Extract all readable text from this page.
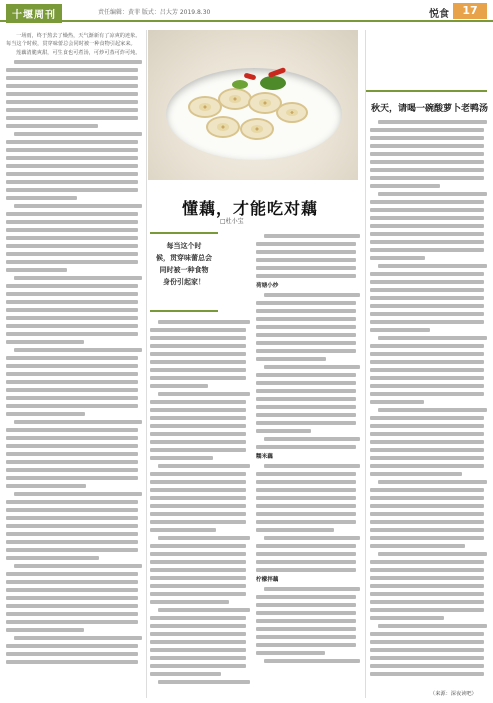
十堰周刊	责任编辑：黄菲 版式：吕大芳 2019.8.30	悦食	17
一场雨，终于熬去了燥热，天气渐新有了凉爽的迹象。每当这个时候，贯穿味蕾总会同时被一种食物引起家来。
莲藕清脆爽甜，可生食也可煮汤，可炒可蒸可炸可炖。
懂藕，才能吃对藕
□杜小宝
每当这个时
候，贯穿味蕾总会
同时被一种食物
身份引起家！	荷塘小炒
糯米藕
柠檬拌藕
秋天，请喝一碗酸萝卜老鸭汤
（来源：深夜读吧）
